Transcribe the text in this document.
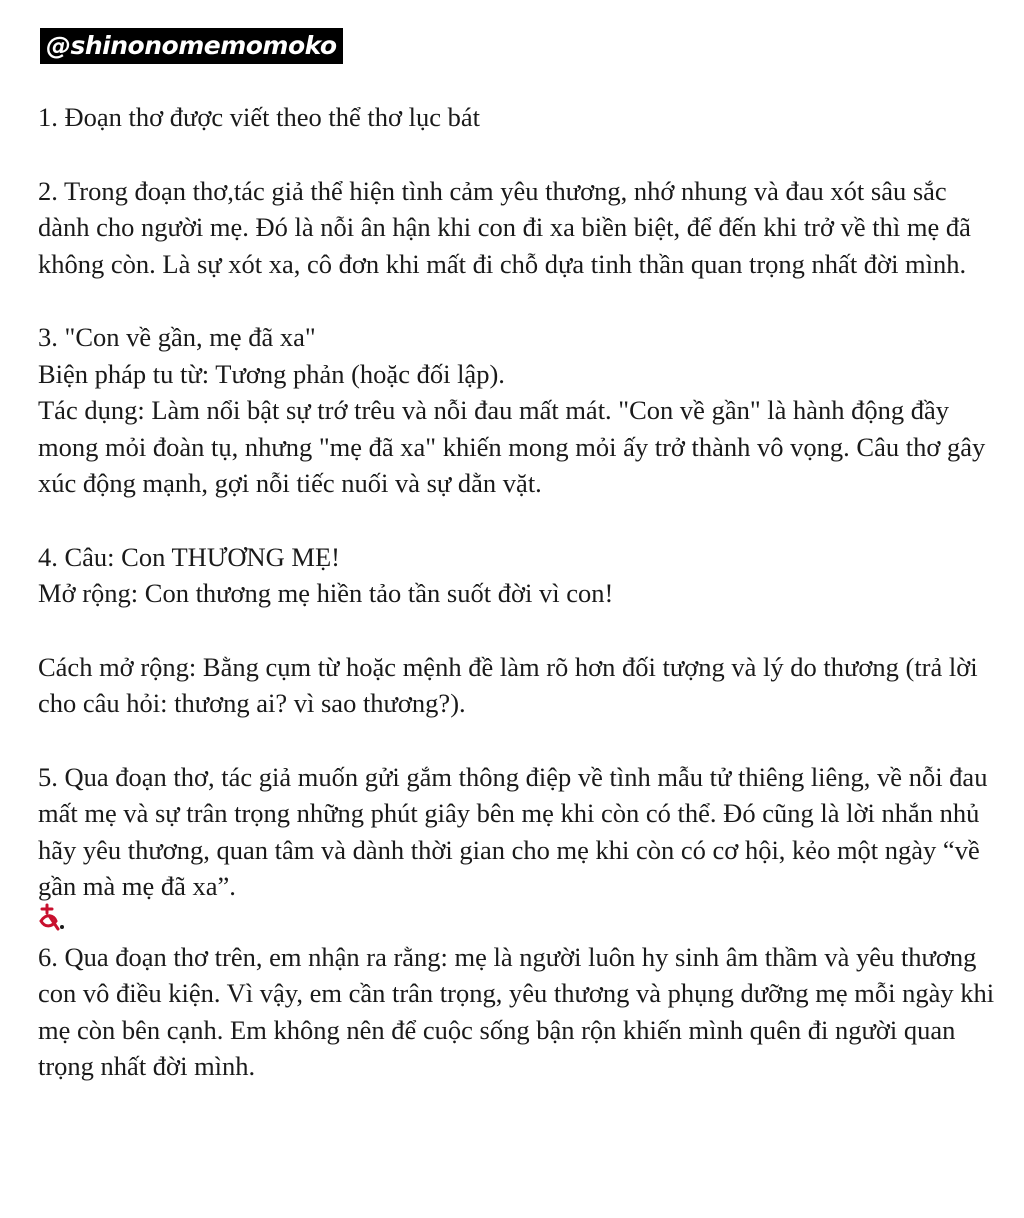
@shinonomemomoko

1. Đoạn thơ được viết theo thể thơ lục bát

2. Trong đoạn thơ,tác giả thể hiện tình cảm yêu thương, nhớ nhung và đau xót sâu sắc dành cho người mẹ. Đó là nỗi ân hận khi con đi xa biền biệt, để đến khi trở về thì mẹ đã không còn. Là sự xót xa, cô đơn khi mất đi chỗ dựa tinh thần quan trọng nhất đời mình.

3. "Con về gần, mẹ đã xa"

Biện pháp tu từ: Tương phản (hoặc đối lập).

Tác dụng: Làm nổi bật sự trớ trêu và nỗi đau mất mát. "Con về gần" là hành động đầy mong mỏi đoàn tụ, nhưng "mẹ đã xa" khiến mong mỏi ấy trở thành vô vọng. Câu thơ gây xúc động mạnh, gợi nỗi tiếc nuối và sự dằn vặt.

4. Câu: Con THƯƠNG MẸ!

Mở rộng: Con thương mẹ hiền tảo tần suốt đời vì con!

Cách mở rộng: Bằng cụm từ hoặc mệnh đề làm rõ hơn đối tượng và lý do thương (trả lời cho câu hỏi: thương ai? vì sao thương?).

5. Qua đoạn thơ, tác giả muốn gửi gắm thông điệp về tình mẫu tử thiêng liêng, về nỗi đau mất mẹ và sự trân trọng những phút giây bên mẹ khi còn có thể. Đó cũng là lời nhắn nhủ hãy yêu thương, quan tâm và dành thời gian cho mẹ khi còn có cơ hội, kẻo một ngày “về gần mà mẹ đã xa”.

6. Qua đoạn thơ trên, em nhận ra rằng: mẹ là người luôn hy sinh âm thầm và yêu thương con vô điều kiện. Vì vậy, em cần trân trọng, yêu thương và phụng dưỡng mẹ mỗi ngày khi mẹ còn bên cạnh. Em không nên để cuộc sống bận rộn khiến mình quên đi người quan trọng nhất đời mình.
